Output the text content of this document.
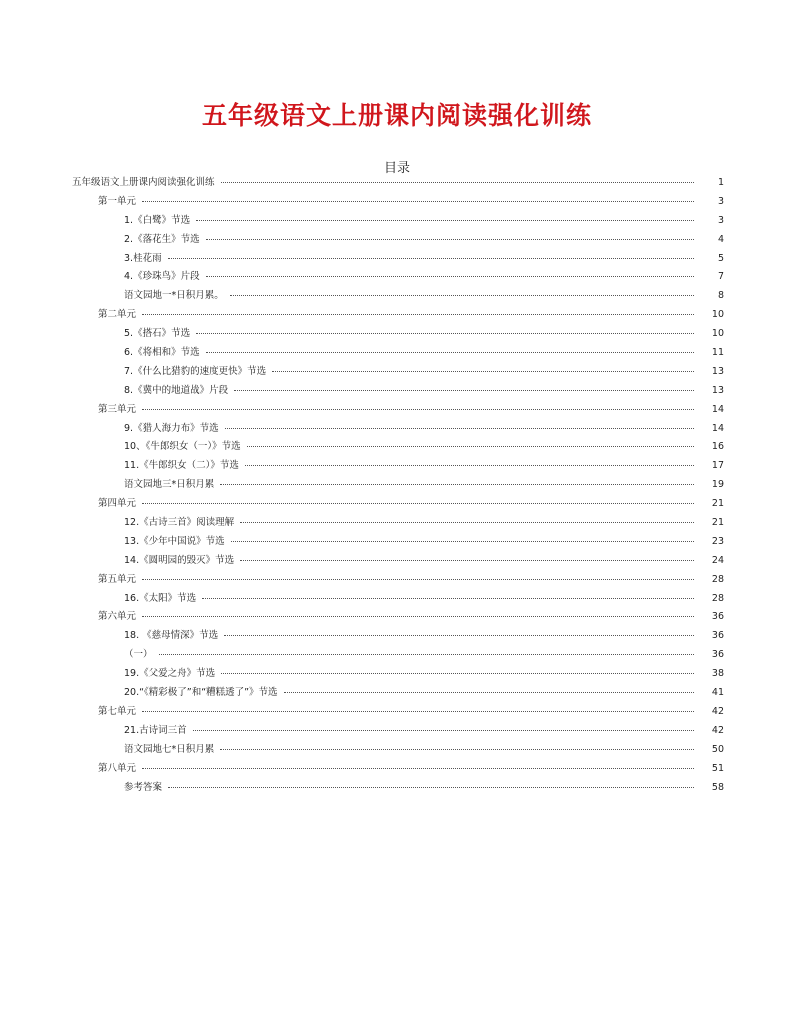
五年级语文上册课内阅读强化训练
目录
五年级语文上册课内阅读强化训练	1
第一单元	3
1.《白鹭》节选	3
2.《落花生》节选	4
3.桂花雨	5
4.《珍珠鸟》片段	7
语文园地一*日积月累。	8
第二单元	10
5.《搭石》节选	10
6.《将相和》节选	11
7.《什么比猎豹的速度更快》节选	13
8.《冀中的地道战》片段	13
第三单元	14
9.《猎人海力布》节选	14
10、《牛郎织女（一）》节选	16
11.《牛郎织女（二）》节选	17
语文园地三*日积月累	19
第四单元	21
12.《古诗三首》阅读理解	21
13.《少年中国说》节选	23
14.《圆明园的毁灭》节选	24
第五单元	28
16.《太阳》节选	28
第六单元	36
18. 《慈母情深》节选	36
（一）	36
19.《父爱之舟》节选	38
20.“《精彩极了”和“糟糕透了”》节选	41
第七单元	42
21.古诗词三首	42
语文园地七*日积月累	50
第八单元	51
参考答案	58
